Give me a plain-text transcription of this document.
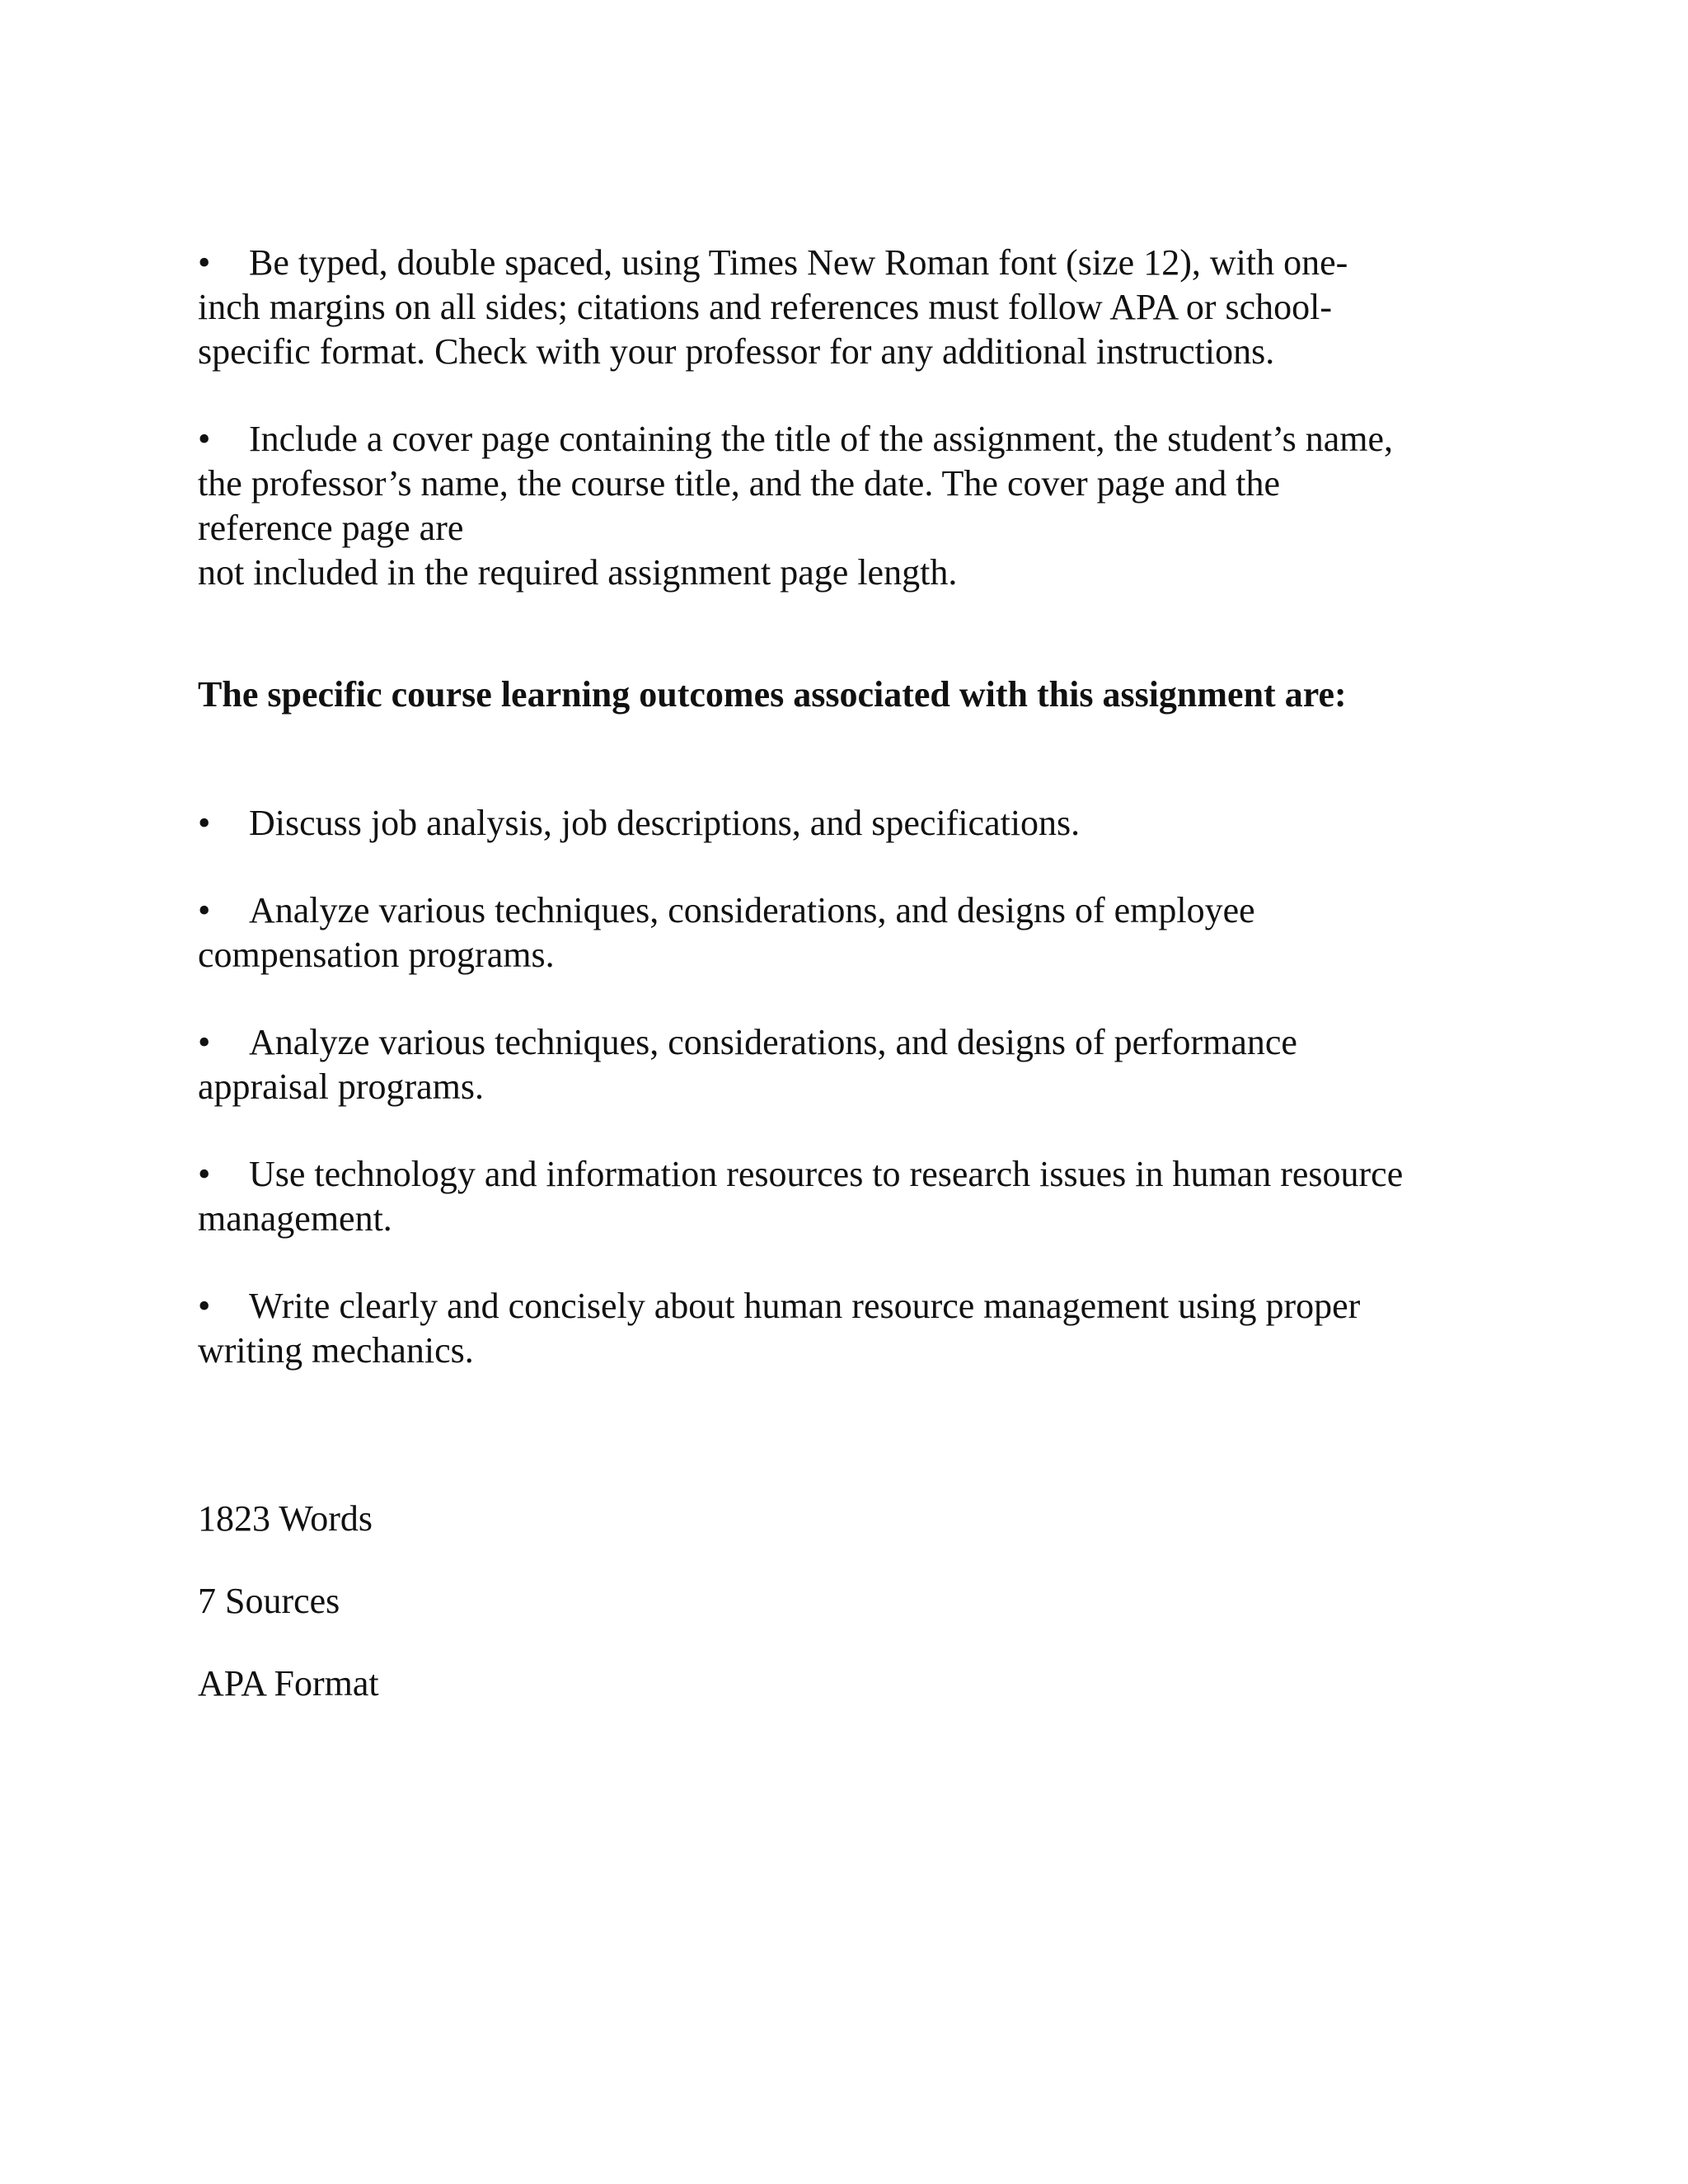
• Be typed, double spaced, using Times New Roman font (size 12), with one-
inch margins on all sides; citations and references must follow APA or school-
specific format. Check with your professor for any additional instructions.
• Include a cover page containing the title of the assignment, the student’s name,
the professor’s name, the course title, and the date. The cover page and the
reference page are
not included in the required assignment page length.
The specific course learning outcomes associated with this assignment are:
• Discuss job analysis, job descriptions, and specifications.
• Analyze various techniques, considerations, and designs of employee
compensation programs.
• Analyze various techniques, considerations, and designs of performance
appraisal programs.
• Use technology and information resources to research issues in human resource
management.
• Write clearly and concisely about human resource management using proper
writing mechanics.
1823 Words
7 Sources
APA Format
